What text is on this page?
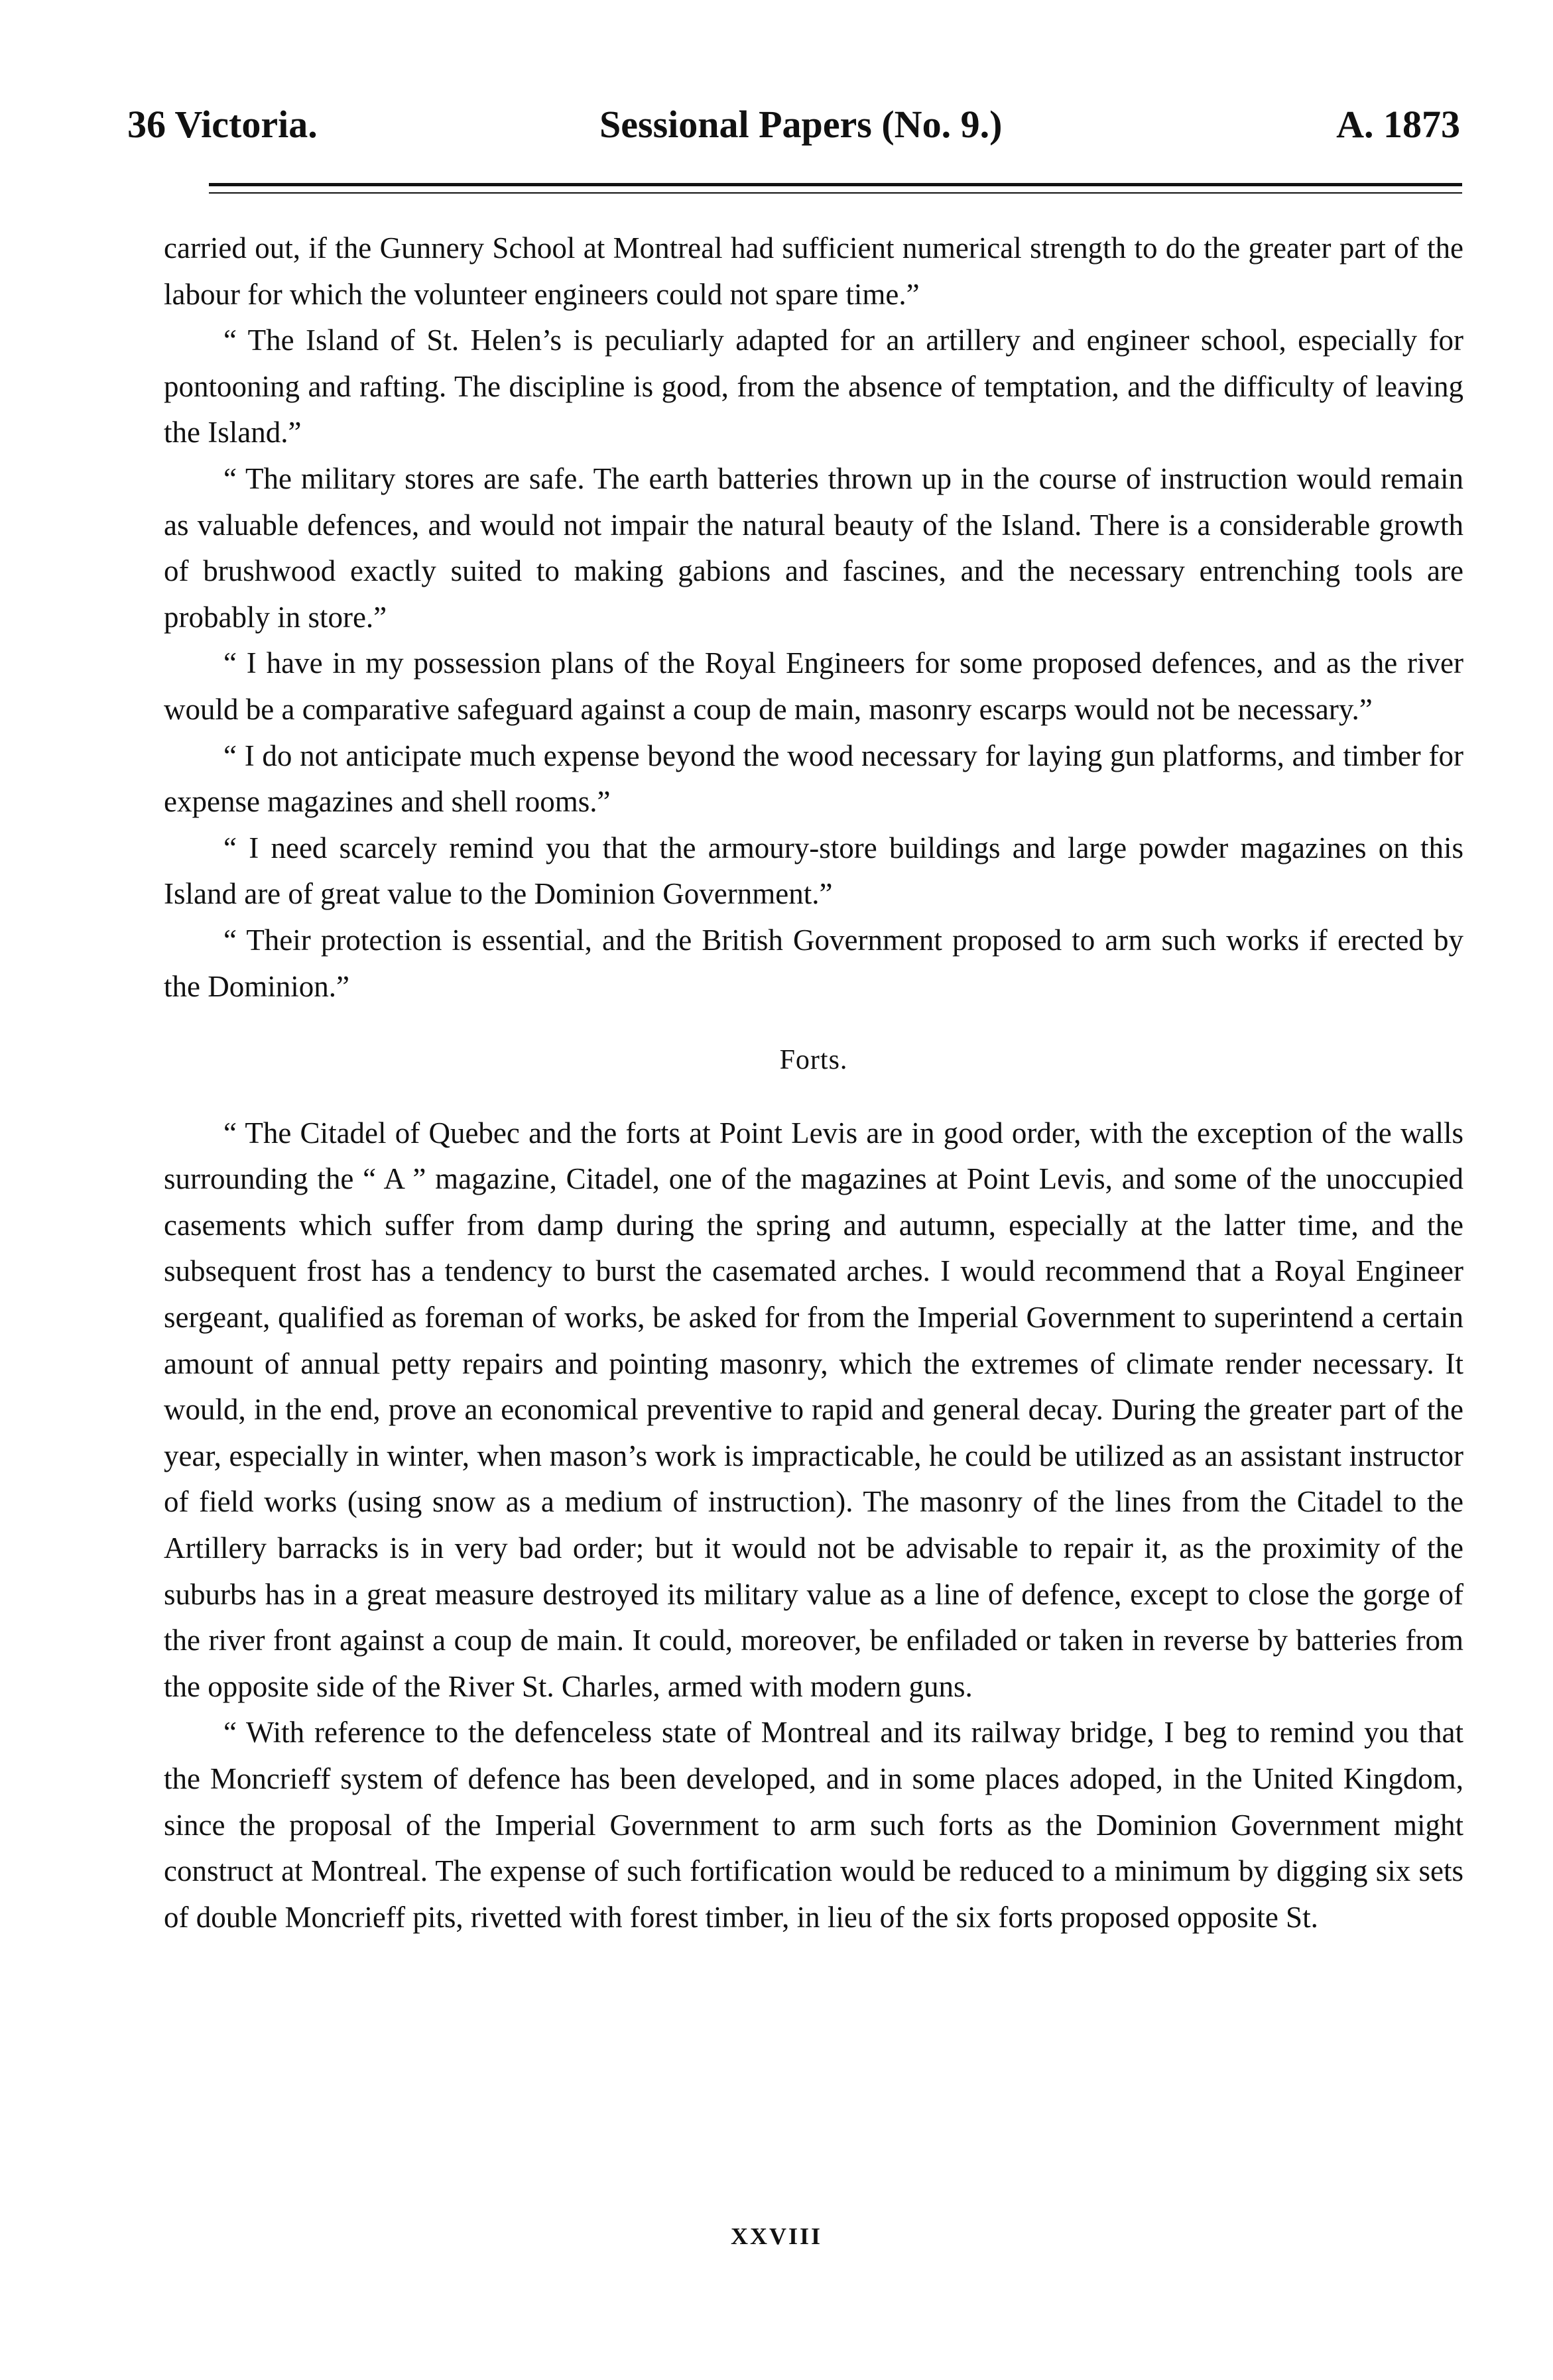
36 Victoria.	Sessional Papers (No. 9.)	A. 1873

carried out, if the Gunnery School at Montreal had sufficient numerical strength to do the greater part of the labour for which the volunteer engineers could not spare time.”

“ The Island of St. Helen’s is peculiarly adapted for an artillery and engineer school, especially for pontooning and rafting. The discipline is good, from the absence of temptation, and the difficulty of leaving the Island.”

“ The military stores are safe. The earth batteries thrown up in the course of instruction would remain as valuable defences, and would not impair the natural beauty of the Island. There is a considerable growth of brushwood exactly suited to making gabions and fascines, and the necessary entrenching tools are probably in store.”

“ I have in my possession plans of the Royal Engineers for some proposed defences, and as the river would be a comparative safeguard against a coup de main, masonry escarps would not be necessary.”

“ I do not anticipate much expense beyond the wood necessary for laying gun platforms, and timber for expense magazines and shell rooms.”

“ I need scarcely remind you that the armoury-store buildings and large powder magazines on this Island are of great value to the Dominion Government.”

“ Their protection is essential, and the British Government proposed to arm such works if erected by the Dominion.”

Forts.

“ The Citadel of Quebec and the forts at Point Levis are in good order, with the exception of the walls surrounding the “ A ” magazine, Citadel, one of the magazines at Point Levis, and some of the unoccupied casements which suffer from damp during the spring and autumn, especially at the latter time, and the subsequent frost has a tendency to burst the casemated arches. I would recommend that a Royal Engineer sergeant, qualified as foreman of works, be asked for from the Imperial Government to superintend a certain amount of annual petty repairs and pointing masonry, which the extremes of climate render necessary. It would, in the end, prove an economical preventive to rapid and general decay. During the greater part of the year, especially in winter, when mason’s work is impracticable, he could be utilized as an assistant instructor of field works (using snow as a medium of instruction). The masonry of the lines from the Citadel to the Artillery barracks is in very bad order; but it would not be advisable to repair it, as the proximity of the suburbs has in a great measure destroyed its military value as a line of defence, except to close the gorge of the river front against a coup de main. It could, moreover, be enfiladed or taken in reverse by batteries from the opposite side of the River St. Charles, armed with modern guns.

“ With reference to the defenceless state of Montreal and its railway bridge, I beg to remind you that the Moncrieff system of defence has been developed, and in some places adoped, in the United Kingdom, since the proposal of the Imperial Government to arm such forts as the Dominion Government might construct at Montreal. The expense of such fortification would be reduced to a minimum by digging six sets of double Moncrieff pits, rivetted with forest timber, in lieu of the six forts proposed opposite St.

XXVIII
